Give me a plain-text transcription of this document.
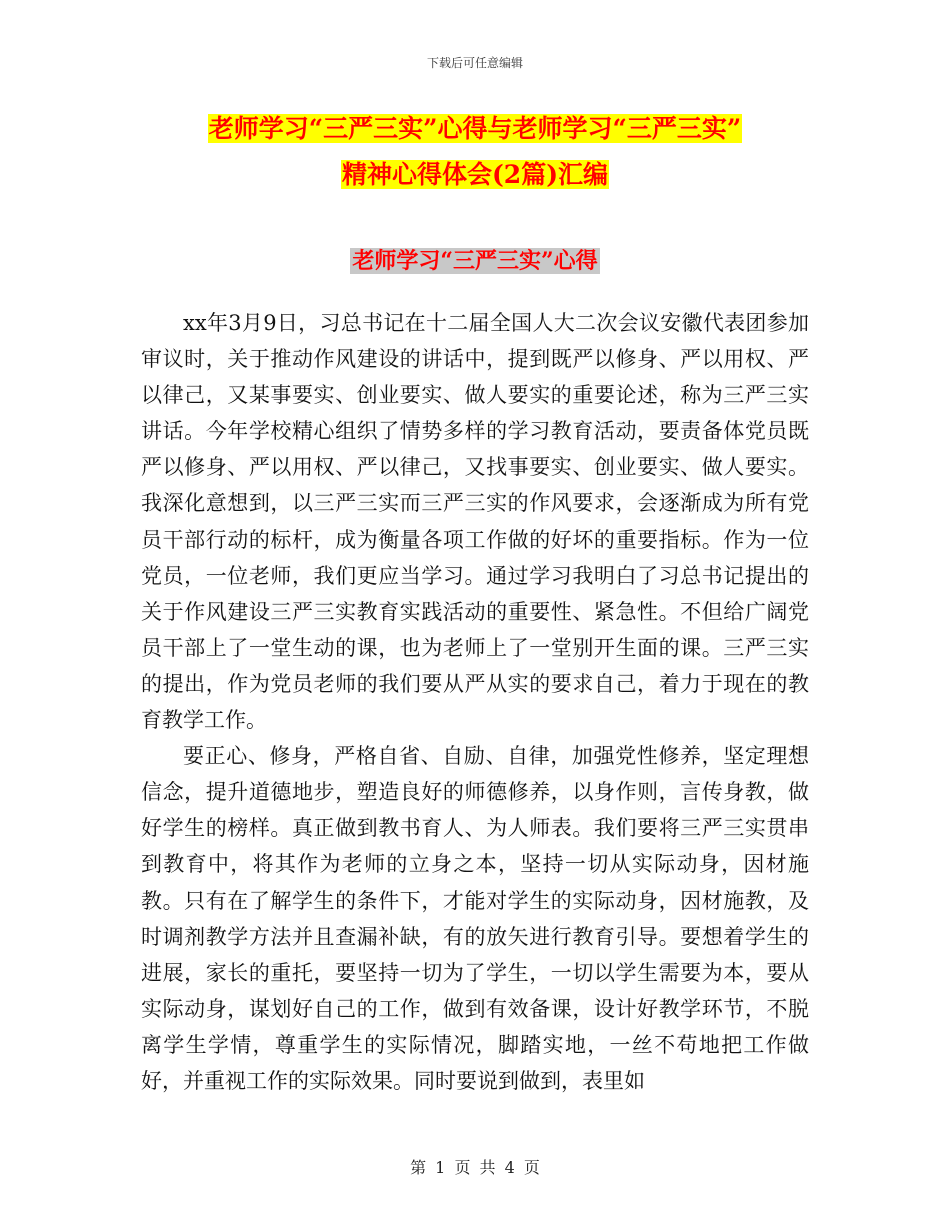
下载后可任意编辑
老师学习“三严三实”心得与老师学习“三严三实”
精神心得体会(2篇)汇编
老师学习“三严三实”心得

xx年3月9日，习总书记在十二届全国人大二次会议安徽代表团参加审议时，关于推动作风建设的讲话中，提到既严以修身、严以用权、严以律己，又某事要实、创业要实、做人要实的重要论述，称为三严三实讲话。今年学校精心组织了情势多样的学习教育活动，要责备体党员既严以修身、严以用权、严以律己，又找事要实、创业要实、做人要实。我深化意想到，以三严三实而三严三实的作风要求，会逐渐成为所有党员干部行动的标杆，成为衡量各项工作做的好坏的重要指标。作为一位党员，一位老师，我们更应当学习。通过学习我明白了习总书记提出的关于作风建设三严三实教育实践活动的重要性、紧急性。不但给广阔党员干部上了一堂生动的课，也为老师上了一堂别开生面的课。三严三实的提出，作为党员老师的我们要从严从实的要求自己，着力于现在的教育教学工作。

要正心、修身，严格自省、自励、自律，加强党性修养，坚定理想信念，提升道德地步，塑造良好的师德修养，以身作则，言传身教，做好学生的榜样。真正做到教书育人、为人师表。我们要将三严三实贯串到教育中，将其作为老师的立身之本，坚持一切从实际动身，因材施教。只有在了解学生的条件下，才能对学生的实际动身，因材施教，及时调剂教学方法并且查漏补缺，有的放矢进行教育引导。要想着学生的进展，家长的重托，要坚持一切为了学生，一切以学生需要为本，要从实际动身，谋划好自己的工作，做到有效备课，设计好教学环节，不脱离学生学情，尊重学生的实际情况，脚踏实地，一丝不苟地把工作做好，并重视工作的实际效果。同时要说到做到，表里如

第 1 页 共 4 页
